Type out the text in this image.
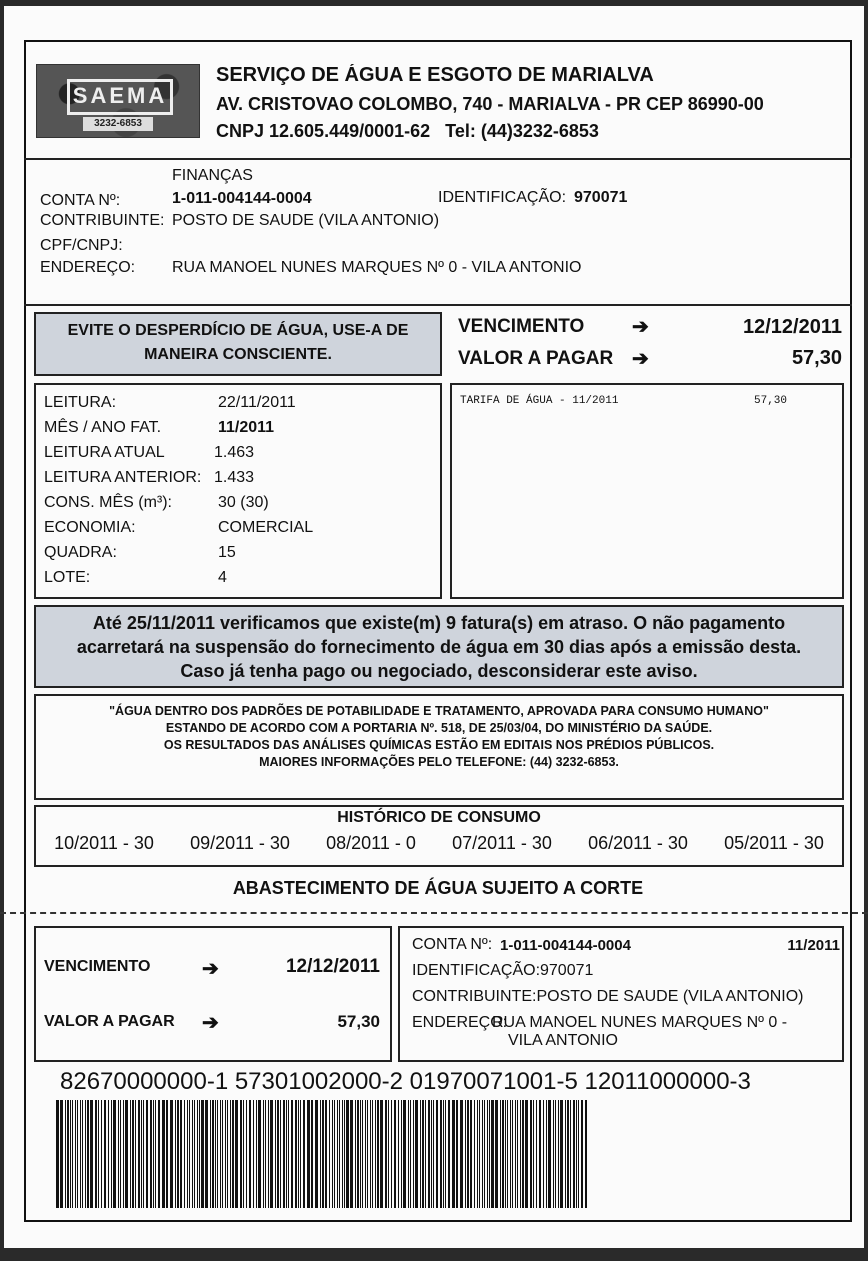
SAEMA
3232-6853
SERVIÇO DE ÁGUA E ESGOTO DE MARIALVA
AV. CRISTOVAO COLOMBO, 740 - MARIALVA - PR CEP 86990-00
CNPJ 12.605.449/0001-62   Tel: (44)3232-6853
FINANÇAS
CONTA Nº:	1-011-004144-0004	IDENTIFICAÇÃO: 970071
CONTRIBUINTE: POSTO DE SAUDE (VILA ANTONIO)
CPF/CNPJ:
ENDEREÇO: RUA MANOEL NUNES MARQUES Nº 0 - VILA ANTONIO
EVITE O DESPERDÍCIO DE ÁGUA, USE-A DE
MANEIRA CONSCIENTE.
VENCIMENTO ➔	12/12/2011
VALOR A PAGAR ➔	57,30
LEITURA:	22/11/2011
MÊS / ANO FAT.	11/2011
LEITURA ATUAL	1.463
LEITURA ANTERIOR: 1.433
CONS. MÊS (m³):	30 (30)
ECONOMIA:	COMERCIAL
QUADRA:	15
LOTE:	4
TARIFA DE ÁGUA - 11/2011	57,30
Até 25/11/2011 verificamos que existe(m) 9 fatura(s) em atraso. O não pagamento
acarretará na suspensão do fornecimento de água em 30 dias após a emissão desta.
Caso já tenha pago ou negociado, desconsiderar este aviso.
"ÁGUA DENTRO DOS PADRÕES DE POTABILIDADE E TRATAMENTO, APROVADA PARA CONSUMO HUMANO"
ESTANDO DE ACORDO COM A PORTARIA Nº. 518, DE 25/03/04, DO MINISTÉRIO DA SAÚDE.
OS RESULTADOS DAS ANÁLISES QUÍMICAS ESTÃO EM EDITAIS NOS PRÉDIOS PÚBLICOS.
MAIORES INFORMAÇÕES PELO TELEFONE: (44) 3232-6853.
HISTÓRICO DE CONSUMO
10/2011 - 30 09/2011 - 30 08/2011 - 0 07/2011 - 30 06/2011 - 30 05/2011 - 30
ABASTECIMENTO DE ÁGUA SUJEITO A CORTE
VENCIMENTO	➔	12/12/2011
VALOR A PAGAR ➔	57,30
CONTA Nº: 1-011-004144-0004	11/2011
IDENTIFICAÇÃO:970071
CONTRIBUINTE:POSTO DE SAUDE (VILA ANTONIO)
ENDEREÇO:
RUA MANOEL NUNES MARQUES Nº 0 -
VILA ANTONIO
82670000000-1 57301002000-2 01970071001-5 12011000000-3
